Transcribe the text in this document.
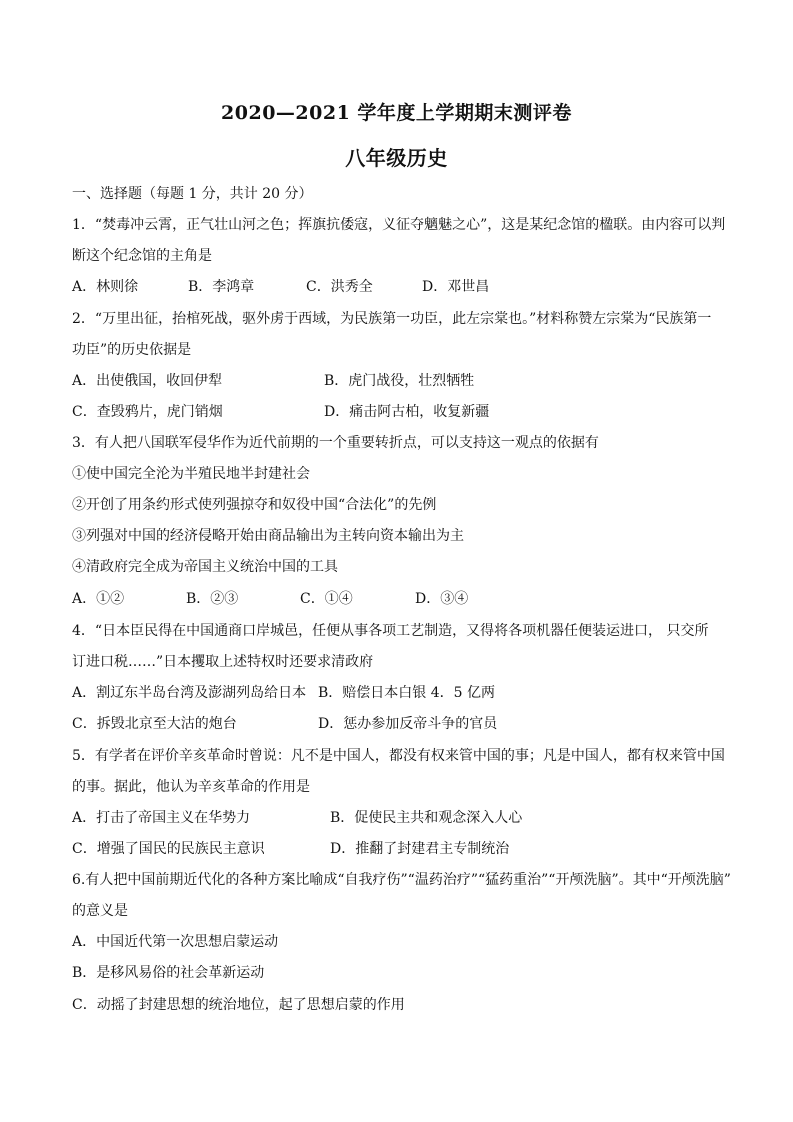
2020—2021 学年度上学期期末测评卷
八年级历史
一、选择题（每题 1 分，共计 20 分）
1．“焚毒冲云霄，正气壮山河之色；挥旗抗倭寇，义征夺魑魅之心”，这是某纪念馆的楹联。由内容可以判
断这个纪念馆的主角是
A．林则徐	B．李鸿章	C．洪秀全	D．邓世昌
2．“万里出征，抬棺死战，驱外虏于西域，为民族第一功臣，此左宗棠也。”材料称赞左宗棠为“民族第一
功臣”的历史依据是
A．出使俄国，收回伊犁	B．虎门战役，壮烈牺牲
C．查毁鸦片，虎门销烟	D．痛击阿古柏，收复新疆
3．有人把八国联军侵华作为近代前期的一个重要转折点，可以支持这一观点的依据有
①使中国完全沦为半殖民地半封建社会
②开创了用条约形式使列强掠夺和奴役中国“合法化”的先例
③列强对中国的经济侵略开始由商品输出为主转向资本输出为主
④清政府完全成为帝国主义统治中国的工具
A．①②	B．②③	C．①④	D．③④
4．“日本臣民得在中国通商口岸城邑，任便从事各项工艺制造，又得将各项机器任便装运进口， 只交所
订进口税……”日本攫取上述特权时还要求清政府
A．割辽东半岛台湾及澎湖列岛给日本 B．赔偿日本白银 4．5 亿两
C．拆毁北京至大沽的炮台	D．惩办参加反帝斗争的官员
5．有学者在评价辛亥革命时曾说：凡不是中国人，都没有权来管中国的事；凡是中国人，都有权来管中国
的事。据此，他认为辛亥革命的作用是
A．打击了帝国主义在华势力	B．促使民主共和观念深入人心
C．增强了国民的民族民主意识	D．推翻了封建君主专制统治
6.有人把中国前期近代化的各种方案比喻成“自我疗伤”“温药治疗”“猛药重治”“开颅洗脑”。其中“开颅洗脑”
的意义是
A．中国近代第一次思想启蒙运动
B．是移风易俗的社会革新运动
C．动摇了封建思想的统治地位，起了思想启蒙的作用
